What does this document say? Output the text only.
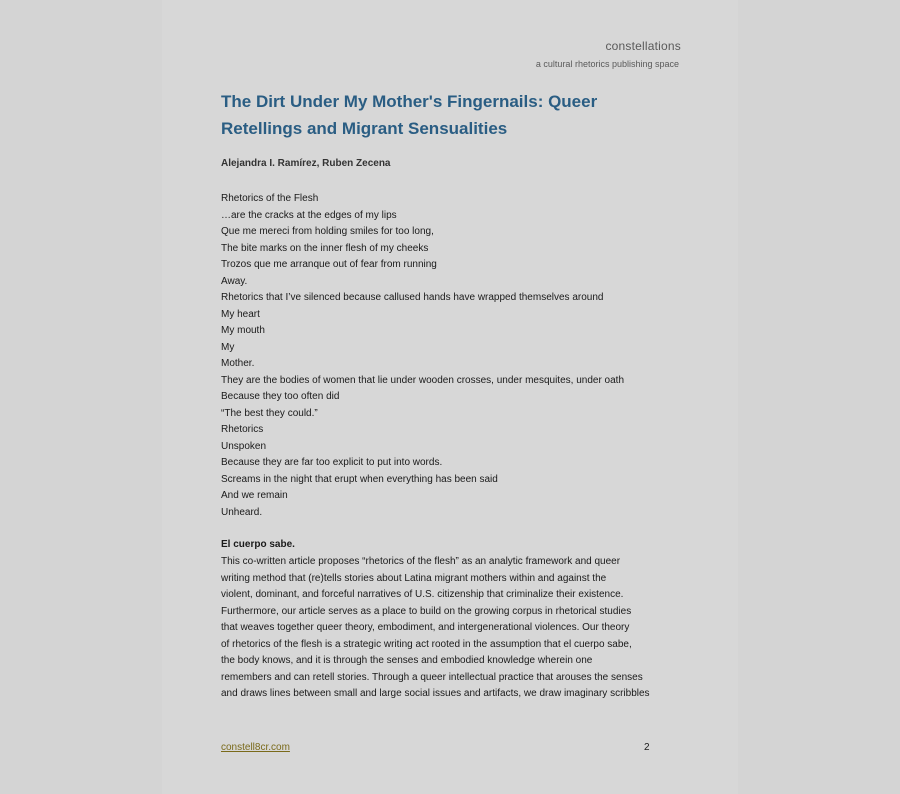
constellations
a cultural rhetorics publishing space
The Dirt Under My Mother's Fingernails: Queer Retellings and Migrant Sensualities
Alejandra I. Ramírez, Ruben Zecena
Rhetorics of the Flesh
…are the cracks at the edges of my lips
Que me mereci from holding smiles for too long,
The bite marks on the inner flesh of my cheeks
Trozos que me arranque out of fear from running
Away.
Rhetorics that I’ve silenced because callused hands have wrapped themselves around
My heart
My mouth
My
Mother.
They are the bodies of women that lie under wooden crosses, under mesquites, under oath
Because they too often did
“The best they could.”
Rhetorics
Unspoken
Because they are far too explicit to put into words.
Screams in the night that erupt when everything has been said
And we remain
Unheard.
El cuerpo sabe.
This co-written article proposes “rhetorics of the flesh” as an analytic framework and queer
writing method that (re)tells stories about Latina migrant mothers within and against the
violent, dominant, and forceful narratives of U.S. citizenship that criminalize their existence.
Furthermore, our article serves as a place to build on the growing corpus in rhetorical studies
that weaves together queer theory, embodiment, and intergenerational violences. Our theory
of rhetorics of the flesh is a strategic writing act rooted in the assumption that el cuerpo sabe,
the body knows, and it is through the senses and embodied knowledge wherein one
remembers and can retell stories. Through a queer intellectual practice that arouses the senses
and draws lines between small and large social issues and artifacts, we draw imaginary scribbles
constell8cr.com	2
